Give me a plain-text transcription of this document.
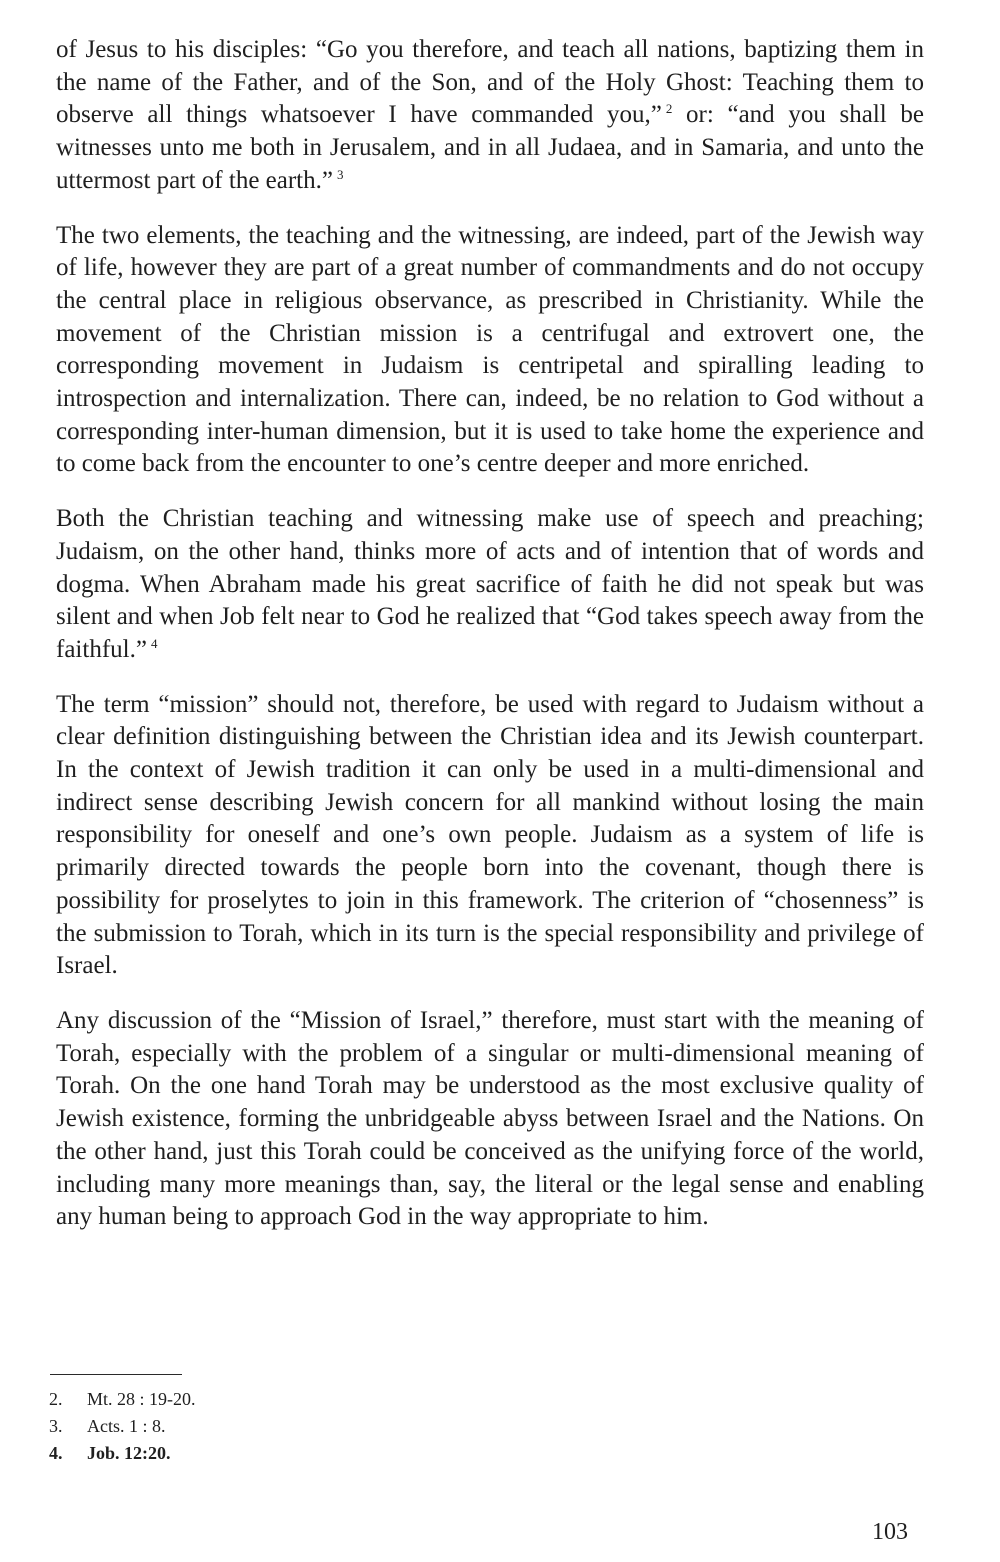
of Jesus to his disciples: “Go you therefore, and teach all nations, baptizing them in the name of the Father, and of the Son, and of the Holy Ghost: Teaching them to observe all things whatsoever I have commanded you,” $^2$ or: “and you shall be witnesses unto me both in Jerusalem, and in all Judaea, and in Samaria, and unto the uttermost part of the earth.” $^3$

The two elements, the teaching and the witnessing, are indeed, part of the Jewish way of life, however they are part of a great number of commandments and do not occupy the central place in religious observance, as prescribed in Christianity. While the movement of the Christian mission is a centrifugal and extrovert one, the corresponding movement in Judaism is centripetal and spiralling leading to introspection and internalization. There can, indeed, be no relation to God without a corresponding inter-human dimension, but it is used to take home the experience and to come back from the encounter to one’s centre deeper and more enriched.

Both the Christian teaching and witnessing make use of speech and preaching; Judaism, on the other hand, thinks more of acts and of intention that of words and dogma. When Abraham made his great sacrifice of faith he did not speak but was silent and when Job felt near to God he realized that “God takes speech away from the faithful.” $^4$

The term “mission” should not, therefore, be used with regard to Judaism without a clear definition distinguishing between the Christian idea and its Jewish counterpart. In the context of Jewish tradition it can only be used in a multi-dimensional and indirect sense describing Jewish concern for all mankind without losing the main responsibility for oneself and one’s own people. Judaism as a system of life is primarily directed towards the people born into the covenant, though there is possibility for proselytes to join in this framework. The criterion of “chosenness” is the submission to Torah, which in its turn is the special responsibility and privilege of Israel.

Any discussion of the “Mission of Israel,” therefore, must start with the meaning of Torah, especially with the problem of a singular or multi-dimensional meaning of Torah. On the one hand Torah may be understood as the most exclusive quality of Jewish existence, forming the unbridgeable abyss between Israel and the Nations. On the other hand, just this Torah could be conceived as the unifying force of the world, including many more meanings than, say, the literal or the legal sense and enabling any human being to approach God in the way appropriate to him.

2. Mt. 28 : 19-20.
3. Acts. 1 : 8.
4. Job. 12:20.
103
